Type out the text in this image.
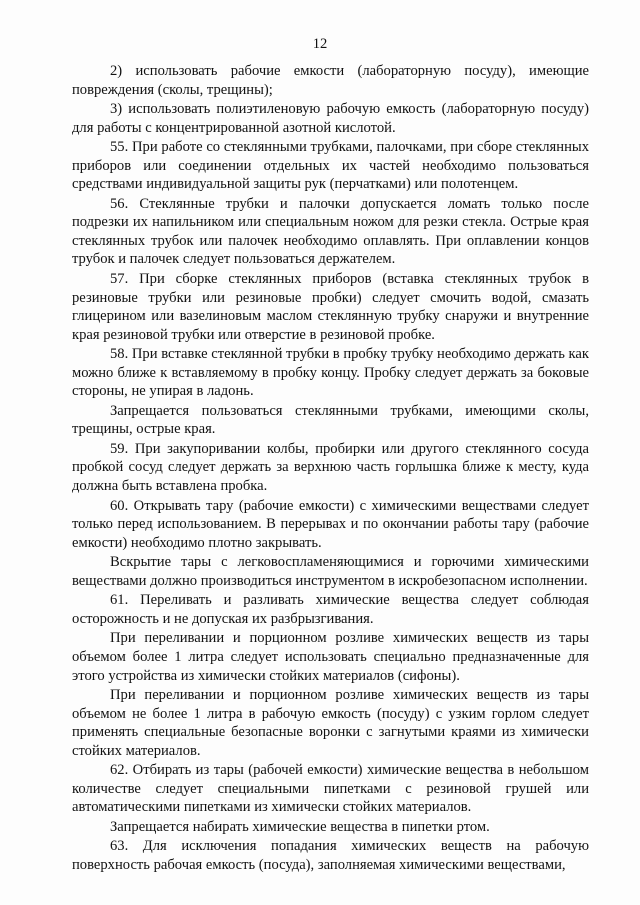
12

2) использовать рабочие емкости (лабораторную посуду), имеющие повреждения (сколы, трещины);

3) использовать полиэтиленовую рабочую емкость (лабораторную посуду) для работы с концентрированной азотной кислотой.

55. При работе со стеклянными трубками, палочками, при сборе стеклянных приборов или соединении отдельных их частей необходимо пользоваться средствами индивидуальной защиты рук (перчатками) или полотенцем.

56. Стеклянные трубки и палочки допускается ломать только после подрезки их напильником или специальным ножом для резки стекла. Острые края стеклянных трубок или палочек необходимо оплавлять. При оплавлении концов трубок и палочек следует пользоваться держателем.

57. При сборке стеклянных приборов (вставка стеклянных трубок в резиновые трубки или резиновые пробки) следует смочить водой, смазать глицерином или вазелиновым маслом стеклянную трубку снаружи и внутренние края резиновой трубки или отверстие в резиновой пробке.

58. При вставке стеклянной трубки в пробку трубку необходимо держать как можно ближе к вставляемому в пробку концу. Пробку следует держать за боковые стороны, не упирая в ладонь.

Запрещается пользоваться стеклянными трубками, имеющими сколы, трещины, острые края.

59. При закупоривании колбы, пробирки или другого стеклянного сосуда пробкой сосуд следует держать за верхнюю часть горлышка ближе к месту, куда должна быть вставлена пробка.

60. Открывать тару (рабочие емкости) с химическими веществами следует только перед использованием. В перерывах и по окончании работы тару (рабочие емкости) необходимо плотно закрывать.

Вскрытие тары с легковоспламеняющимися и горючими химическими веществами должно производиться инструментом в искробезопасном исполнении.

61. Переливать и разливать химические вещества следует соблюдая осторожность и не допуская их разбрызгивания.

При переливании и порционном розливе химических веществ из тары объемом более 1 литра следует использовать специально предназначенные для этого устройства из химически стойких материалов (сифоны).

При переливании и порционном розливе химических веществ из тары объемом не более 1 литра в рабочую емкость (посуду) с узким горлом следует применять специальные безопасные воронки с загнутыми краями из химически стойких материалов.

62. Отбирать из тары (рабочей емкости) химические вещества в небольшом количестве следует специальными пипетками с резиновой грушей или автоматическими пипетками из химически стойких материалов.

Запрещается набирать химические вещества в пипетки ртом.

63. Для исключения попадания химических веществ на рабочую поверхность рабочая емкость (посуда), заполняемая химическими веществами,
